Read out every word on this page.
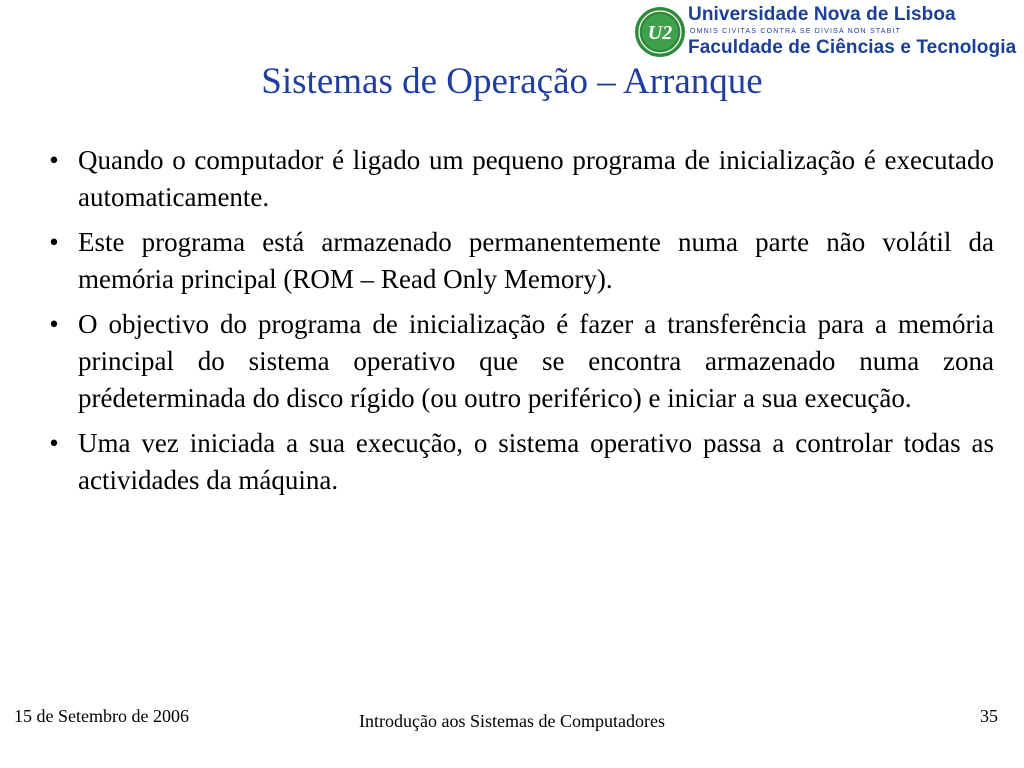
U2
Universidade Nova de Lisboa
OMNIS CIVITAS CONTRA SE DIVISA NON STABIT
Faculdade de Ciências e Tecnologia
Sistemas de Operação – Arranque
• Quando o computador é ligado um pequeno programa de inicialização é executado automaticamente.
• Este programa está armazenado permanentemente numa parte não volátil da memória principal (ROM – Read Only Memory).
• O objectivo do programa de inicialização é fazer a transferência para a memória principal do sistema operativo que se encontra armazenado numa zona prédeterminada do disco rígido (ou outro periférico) e iniciar a sua execução.
• Uma vez iniciada a sua execução, o sistema operativo passa a controlar todas as actividades da máquina.
15 de Setembro de 2006	Introdução aos Sistemas de Computadores	35
